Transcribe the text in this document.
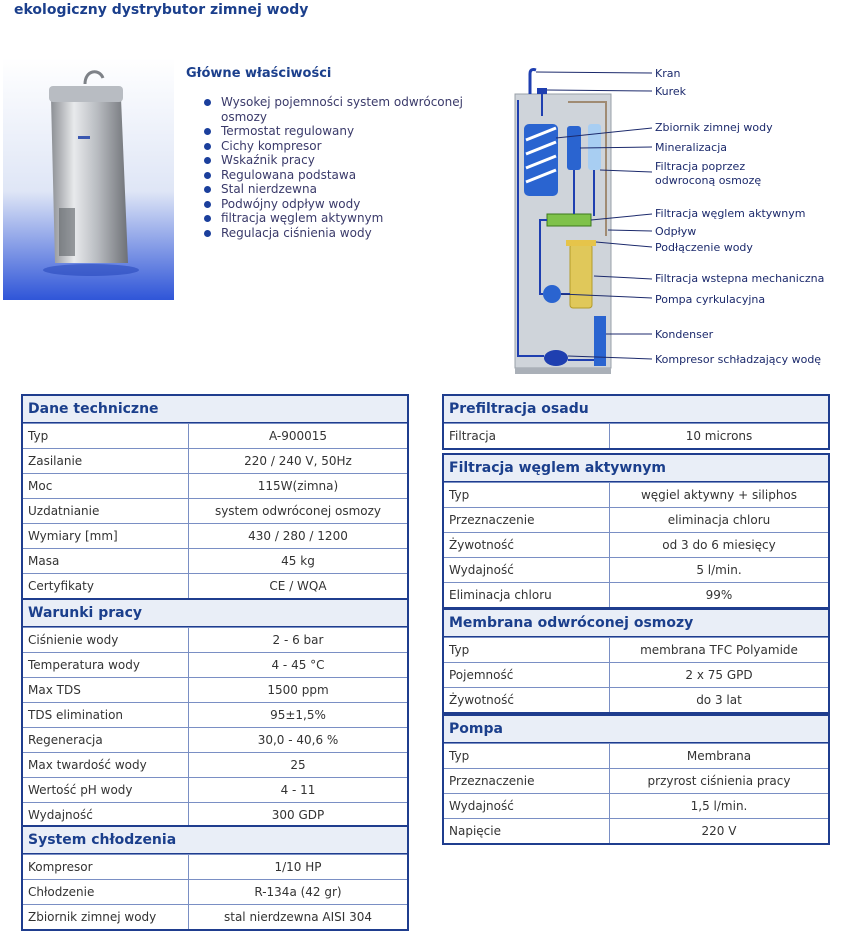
ekologiczny dystrybutor zimnej wody
Główne właściwości
Wysokej pojemności system odwróconej osmozy
Termostat regulowany
Cichy kompresor
Wskaźnik pracy
Regulowana podstawa
Stal nierdzewna
Podwójny odpływ wody
filtracja węglem aktywnym
Regulacja ciśnienia wody
Kran
Kurek
Zbiornik zimnej wody
Mineralizacja
Filtracja poprzez
odwroconą osmozę
Filtracja węglem aktywnym
Odpływ
Podłączenie wody
Filtracja wstepna mechaniczna
Pompa cyrkulacyjna
Kondenser
Kompresor schładzający wodę
Dane techniczne
Typ	A-900015
Zasilanie	220 / 240 V, 50Hz
Moc	115W(zimna)
Uzdatnianie	system odwróconej osmozy
Wymiary [mm]	430 / 280 / 1200
Masa	45 kg
Certyfikaty	CE / WQA
Warunki pracy
Ciśnienie wody	2 - 6 bar
Temperatura wody	4 - 45 °C
Max TDS	1500 ppm
TDS elimination	95±1,5%
Regeneracja	30,0 - 40,6 %
Max twardość wody	25
Wertość pH wody	4 - 11
Wydajność	300 GDP
System chłodzenia
Kompresor	1/10 HP
Chłodzenie	R-134a (42 gr)
Zbiornik zimnej wody	stal nierdzewna AISI 304
Prefiltracja osadu
Filtracja	10 microns
Filtracja węglem aktywnym
Typ	węgiel aktywny + siliphos
Przeznaczenie	eliminacja chloru
Żywotność	od 3 do 6 miesięcy
Wydajność	5 l/min.
Eliminacja chloru	99%
Membrana odwróconej osmozy
Typ	membrana TFC Polyamide
Pojemność	2 x 75 GPD
Żywotność	do 3 lat
Pompa
Typ	Membrana
Przeznaczenie	przyrost ciśnienia pracy
Wydajność	1,5 l/min.
Napięcie	220 V
